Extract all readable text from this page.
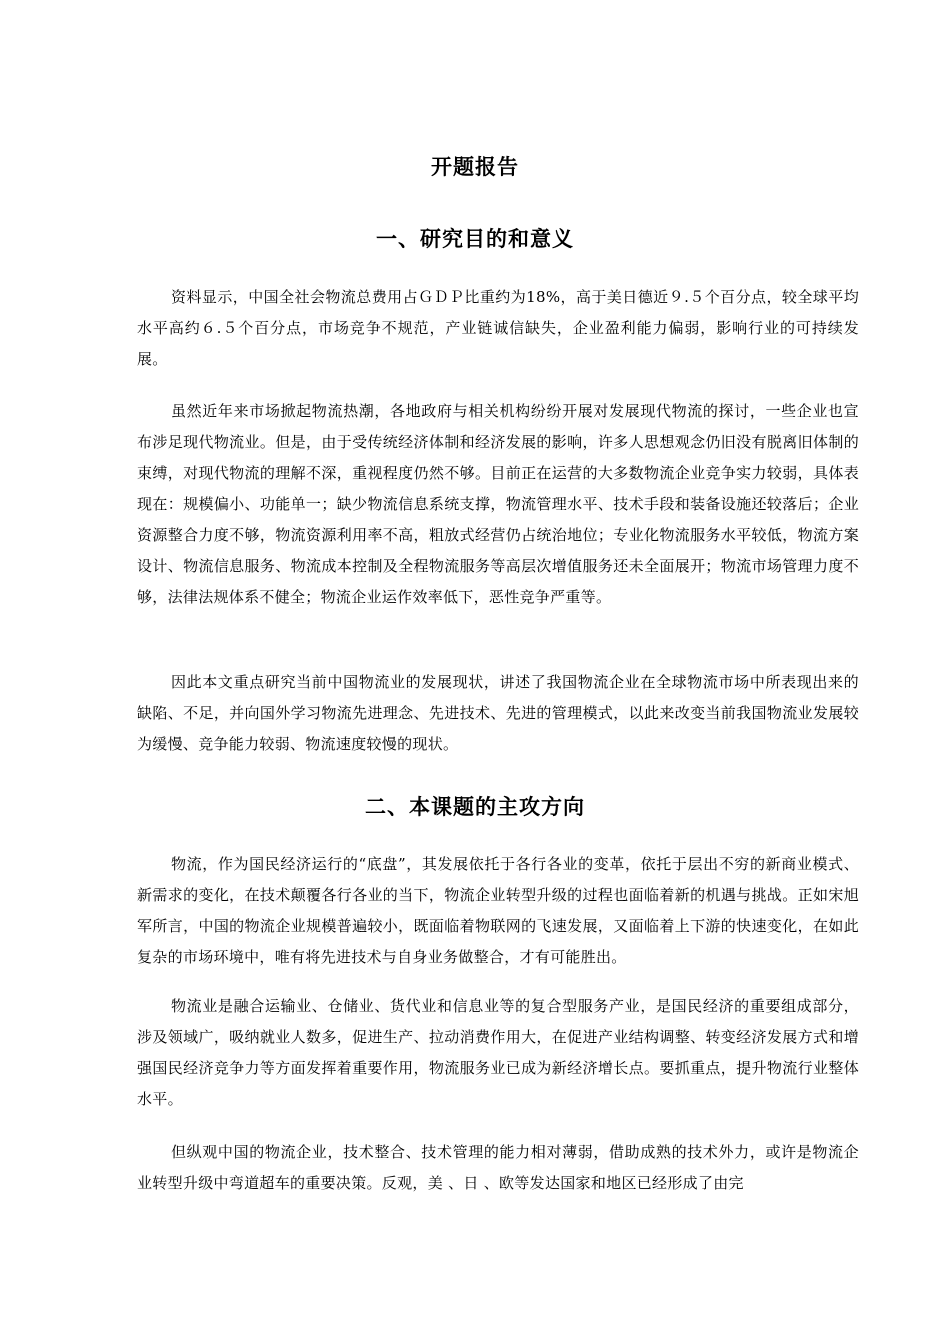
开题报告
一、研究目的和意义

资料显示，中国全社会物流总费用占ＧＤＰ比重约为18%，高于美日德近９.５个百分点，较全球平均水平高约６.５个百分点，市场竞争不规范，产业链诚信缺失，企业盈利能力偏弱，影响行业的可持续发展。

虽然近年来市场掀起物流热潮，各地政府与相关机构纷纷开展对发展现代物流的探讨，一些企业也宣布涉足现代物流业。但是，由于受传统经济体制和经济发展的影响，许多人思想观念仍旧没有脱离旧体制的束缚，对现代物流的理解不深，重视程度仍然不够。目前正在运营的大多数物流企业竞争实力较弱，具体表现在：规模偏小、功能单一；缺少物流信息系统支撑，物流管理水平、技术手段和装备设施还较落后；企业资源整合力度不够，物流资源利用率不高，粗放式经营仍占统治地位；专业化物流服务水平较低，物流方案设计、物流信息服务、物流成本控制及全程物流服务等高层次增值服务还未全面展开；物流市场管理力度不够，法律法规体系不健全；物流企业运作效率低下，恶性竞争严重等。

因此本文重点研究当前中国物流业的发展现状，讲述了我国物流企业在全球物流市场中所表现出来的缺陷、不足，并向国外学习物流先进理念、先进技术、先进的管理模式，以此来改变当前我国物流业发展较为缓慢、竞争能力较弱、物流速度较慢的现状。

二、本课题的主攻方向

物流，作为国民经济运行的“底盘”，其发展依托于各行各业的变革，依托于层出不穷的新商业模式、新需求的变化，在技术颠覆各行各业的当下，物流企业转型升级的过程也面临着新的机遇与挑战。正如宋旭军所言，中国的物流企业规模普遍较小，既面临着物联网的飞速发展，又面临着上下游的快速变化，在如此复杂的市场环境中，唯有将先进技术与自身业务做整合，才有可能胜出。

物流业是融合运输业、仓储业、货代业和信息业等的复合型服务产业，是国民经济的重要组成部分，涉及领域广，吸纳就业人数多，促进生产、拉动消费作用大，在促进产业结构调整、转变经济发展方式和增强国民经济竞争力等方面发挥着重要作用，物流服务业已成为新经济增长点。要抓重点，提升物流行业整体水平。

但纵观中国的物流企业，技术整合、技术管理的能力相对薄弱，借助成熟的技术外力，或许是物流企业转型升级中弯道超车的重要决策。反观，美 、日 、欧等发达国家和地区已经形成了由完
